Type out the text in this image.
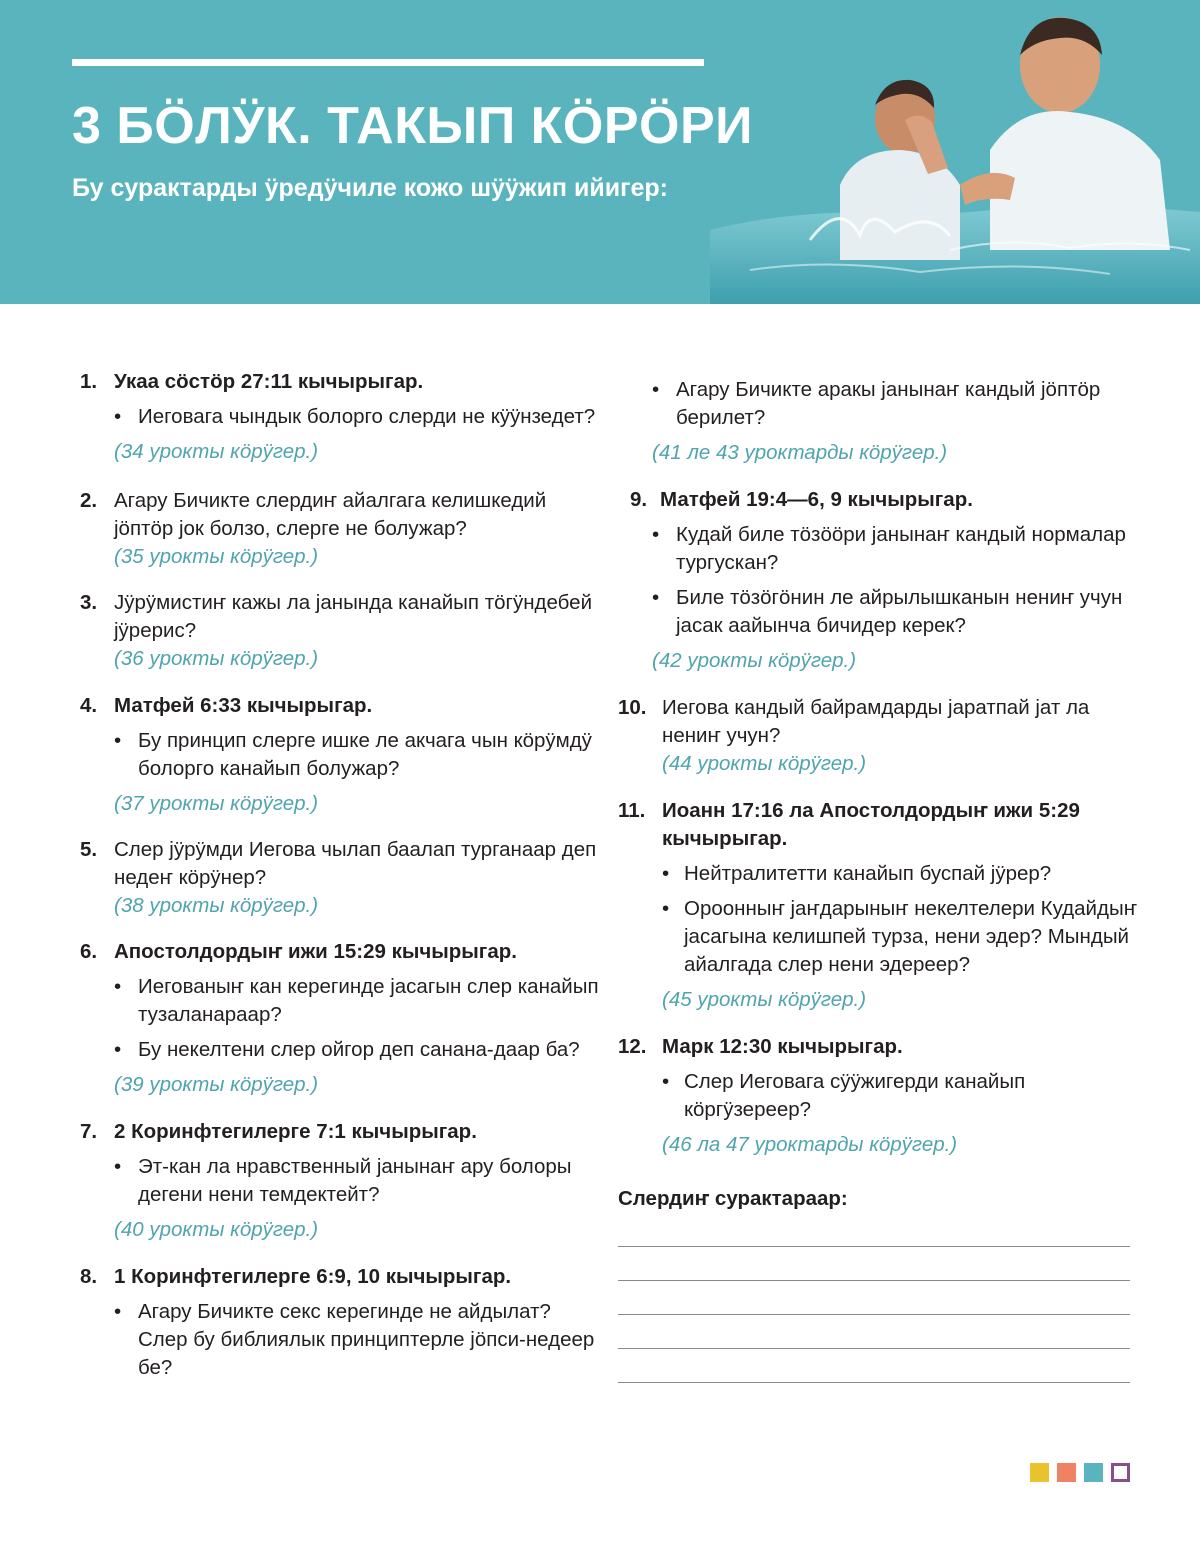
3 БÖЛӰК. ТАКЫП КÖРÖРИ

Бу сурактарды ӱредӱчиле кожо шӱӱжип ийигер:

1. Укаа сöстöр 27:11 кычырыгар.
• Иеговага чындык болорго слерди не кӱӱнзедет?
(34 урокты кöрӱгер.)
2. Агару Бичикте слердиҥ айалгага келишкедий јöптöр јок болзо, слерге не болужар?
(35 урокты кöрӱгер.)
3. Јӱрӱмистиҥ кажы ла јанында канайып тöгӱндебей јӱрерис?
(36 урокты кöрӱгер.)
4. Матфей 6:33 кычырыгар.
• Бу принцип слерге ишке ле акчага чын кöрӱмдӱ болорго канайып болужар?
(37 урокты кöрӱгер.)
5. Слер јӱрӱмди Иегова чылап баалап турганаар деп недеҥ кöрӱнер?
(38 урокты кöрӱгер.)
6. Апостолдордыҥ ижи 15:29 кычырыгар.
• Иегованыҥ кан керегинде јасагын слер канайып тузаланараар?
• Бу некелтени слер ойгор деп санана-даар ба?
(39 урокты кöрӱгер.)
7. 2 Коринфтегилерге 7:1 кычырыгар.
• Эт-кан ла нравственный јанынаҥ ару болоры дегени нени темдектейт?
(40 урокты кöрӱгер.)
8. 1 Коринфтегилерге 6:9, 10 кычырыгар.
• Агару Бичикте секс керегинде не айдылат? Слер бу библиялык принциптерле јöпси-недеер бе?
• Агару Бичикте аракы јанынаҥ кандый јöптöр берилет?
(41 ле 43 уроктарды кöрӱгер.)
9. Матфей 19:4—6, 9 кычырыгар.
• Кудай биле тöзööри јанынаҥ кандый нормалар тургускан?
• Биле тöзöгöнин ле айрылышканын нениҥ учун јасак аайынча бичидер керек?
(42 урокты кöрӱгер.)
10. Иегова кандый байрамдарды јаратпай јат ла нениҥ учун?
(44 урокты кöрӱгер.)
11. Иоанн 17:16 ла Апостолдордыҥ ижи 5:29 кычырыгар.
• Нейтралитетти канайып буспай јӱрер?
• Ороонныҥ јаҥдарыныҥ некелтелери Кудайдыҥ јасагына келишпей турза, нени эдер? Мындый айалгада слер нени эдереер?
(45 урокты кöрӱгер.)
12. Марк 12:30 кычырыгар.
• Слер Иеговага сӱӱжигерди канайып кöргӱзереер?
(46 ла 47 уроктарды кöрӱгер.)
Слердиҥ сурактараар:
